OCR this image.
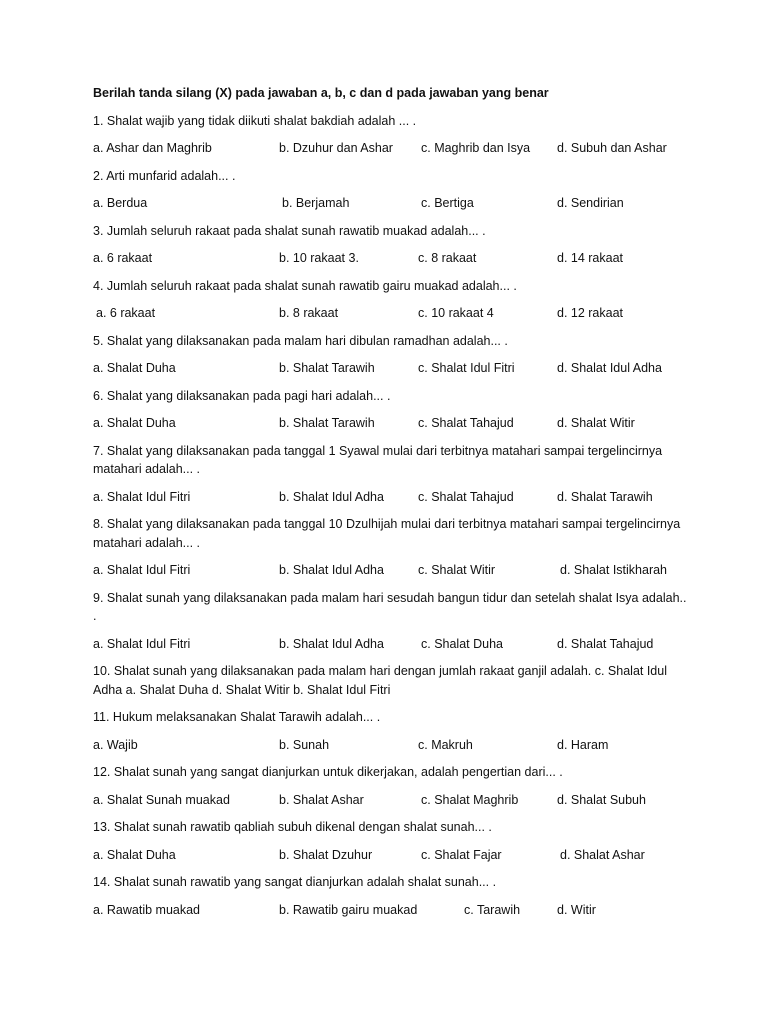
Berilah tanda silang (X) pada jawaban a, b, c dan d pada jawaban yang benar
1. Shalat wajib yang tidak diikuti shalat bakdiah adalah ... .
a. Ashar dan Maghrib	b. Dzuhur dan Ashar c. Maghrib dan Isya d. Subuh dan Ashar
2. Arti munfarid adalah... .
a. Berdua	b. Berjamah	c. Bertiga	d. Sendirian
3. Jumlah seluruh rakaat pada shalat sunah rawatib muakad adalah... .
a. 6 rakaat	b. 10 rakaat 3.	c. 8 rakaat	d. 14 rakaat
4. Jumlah seluruh rakaat pada shalat sunah rawatib gairu muakad adalah... .
a. 6 rakaat	b. 8 rakaat	c. 10 rakaat 4	d. 12 rakaat
5. Shalat yang dilaksanakan pada malam hari dibulan ramadhan adalah... .
a. Shalat Duha	b. Shalat Tarawih	c. Shalat Idul Fitri	d. Shalat Idul Adha
6. Shalat yang dilaksanakan pada pagi hari adalah... .
a. Shalat Duha	b. Shalat Tarawih	c. Shalat Tahajud	d. Shalat Witir
7. Shalat yang dilaksanakan pada tanggal 1 Syawal mulai dari terbitnya matahari sampai tergelincirnya matahari adalah... .
a. Shalat Idul Fitri	b. Shalat Idul Adha	c. Shalat Tahajud	d. Shalat Tarawih
8. Shalat yang dilaksanakan pada tanggal 10 Dzulhijah mulai dari terbitnya matahari sampai tergelincirnya matahari adalah... .
a. Shalat Idul Fitri	b. Shalat Idul Adha	c. Shalat Witir	d. Shalat Istikharah
9. Shalat sunah yang dilaksanakan pada malam hari sesudah bangun tidur dan setelah shalat Isya adalah.. .
a. Shalat Idul Fitri	b. Shalat Idul Adha	c. Shalat Duha	d. Shalat Tahajud
10. Shalat sunah yang dilaksanakan pada malam hari dengan jumlah rakaat ganjil adalah. c. Shalat Idul Adha a. Shalat Duha d. Shalat Witir b. Shalat Idul Fitri
11. Hukum melaksanakan Shalat Tarawih adalah... .
a. Wajib	b. Sunah	c. Makruh	d. Haram
12. Shalat sunah yang sangat dianjurkan untuk dikerjakan, adalah pengertian dari... .
a. Shalat Sunah muakad	b. Shalat Ashar	c. Shalat Maghrib	d. Shalat Subuh
13. Shalat sunah rawatib qabliah subuh dikenal dengan shalat sunah... .
a. Shalat Duha	b. Shalat Dzuhur	c. Shalat Fajar	d. Shalat Ashar
14. Shalat sunah rawatib yang sangat dianjurkan adalah shalat sunah... .
a. Rawatib muakad	b. Rawatib gairu muakad	c. Tarawih	d. Witir
